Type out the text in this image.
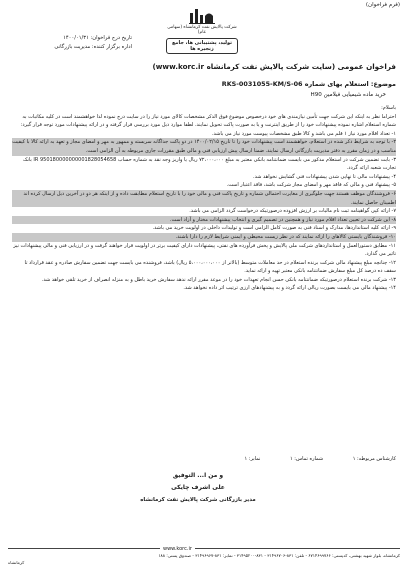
(فرم فراخوان)
شرکت پالایش نفت کرمانشاه (سهامی عام)
تولید، پشتیبانی ها، جامع زنجیره ها
تاریخ درج فراخوان: ۱۴۰۰/۰۱/۳۱
اداره برگزار کننده: مدیریت بازرگانی
فراخوان عمومی (سایت شرکت پالایش نفت کرمانشاه www.korc.ir)
موضوع: استعلام بهای شماره RKS-0031055-KM/S-06
خرید ماده شیمیایی فیلامین H90

باسلام:

احتراما نظر به اینکه این شرکت جهت تأمین نیازمندی های خود درخصوص موضوع فوق الذکر مشخصات کالای مورد نیاز را در سایت درج نموده لذا خواهشمند است در کلیه مکاتبات به شماره استعلام اشاره نموده پیشنهادات خود را از طریق اینترنت و یا به صورت پاکت تحویل نمایند. لطفا موارد ذیل مورد بررسی قرار گرفته و در ارائه پیشنهادات مورد توجه قرار گیرد:

۱- تعداد اقلام مورد نیاز ۱ قلم می باشد و کالا طبق مشخصات پیوست مورد نیاز می باشد.

۲- با توجه به شرایط ذکر شده در استعلام، خواهشمند است پیشنهادات خود را تا تاریخ ۱۴۰۰/۰۲/۱۵ در دو پاکت جداگانه سربسته و ممهور به مهر و امضای مجاز و تعهد به ارائه کالا با کیفیت مناسب و در زمان مقرر به دفتر مدیریت بازرگانی ارسال نمایند. ضمنا ارسال پیش ارزیابی فنی و مالی طبق مقررات جاری مربوطه به آن الزامی است.

۳- بابت تضمین شرکت در استعلام مذکور می بایست ضمانتنامه بانکی معتبر به مبلغ ۷۲،۰۰۰،۰۰۰ ریال یا واریز وجه نقد به شماره حساب IR 950180000000001828054658 بانک تجارت شعبه ارائه گردد.

۴- پیشنهادات مالی تا نهایی شدن پیشنهادات فنی گشایش نخواهد شد.

۵- پیشنهاد فنی و مالی که فاقد مهر و امضای مجاز شرکت باشد، فاقد اعتبار است.

۶- فروشندگان موظف هستند جهت جلوگیری از مغایرت احتمالی شماره و تاریخ پاکت فنی و مالی خود را با تاریخ استعلام مطابقت داده و از اینکه هر دو در آخرین ذیل ارسال کرده اند اطمینان حاصل نمایند.

۷- ارائه کپی گواهینامه ثبت نام ماليات بر ارزش افزوده درصورتیکه درخواست گردد الزامی می باشد.

۸- این شرکت در تعیین تعداد اقلام مورد نیاز و همچنین در تصمیم گیری و انتخاب پیشنهادات مختار و آزاد است.

۹- ارائه کلیه استانداردها، مدارک و اسناد فنی به صورت کامل الزامی است و تولیدات داخلی در اولویت خرید می باشد.

۱۰- فروشندگان بایستی کالاهای را ارائه نمایند که در نظر زیست محیطی و ایمنی شرایط لازم را دارا باشند.

۱۱- مطابق دستورالعمل و استانداردهای شرکت ملی پالایش و پخش فرآورده های نفتی، پیشنهادات دارای کیفیت برتر در اولویت قرار خواهند گرفت و در ارزیابی فنی و مالی پیشنهادات نیز تاثیر می گذارد.

۱۲- چنانچه مبلغ پیشنهاد مالی شرکت برنده استعلام در حد معاملات متوسط (بالاتر از ۵،۰۰۰،۰۰۰،۰۰۰ ریال) باشد، فروشنده می بایست جهت تضمین سفارش صادره و عقد قرارداد تا سقف ده درصد کل مبلغ سفارش ضمانتنامه بانکی معتبر تهیه و ارائه نماید.

۱۳- شرکت برنده استعلام درصورتیکه ضمانتنامه بانکی حسن انجام تعهدات خود را در موعد مقرر ارائه ندهد سفارش خرید باطل و به منزله انصراف از خرید تلقی خواهد شد.

۱۴- پیشنهاد مالی می بایست بصورت ریالی ارائه گردد و به پیشنهادهای ارزی ترتیب اثر داده نخواهد شد.

کارشناس مربوطه: ۱ شماره تماس: ۱ نمابر: ۱
و من ا... التوفیق
علی اشرف چایکی
مدیر بازرگانی شرکت پالایش نفت کرمانشاه
www.korc.ir
کرمانشاه، بلوار شهید بهشتی، کدپستی: ۶۷۱۴۶۹۹۷۶۶ - تلفن: ۸۳۱-۳۱۴۹۶۷۰۶ - ۸۳۱-۳۱۴۹۵۲۰۰ - نمابر: ۸۳۱-۳۱۴۹۶۹۶۷ - صندوق پستی: ۱۸۸
کرمانشاه
